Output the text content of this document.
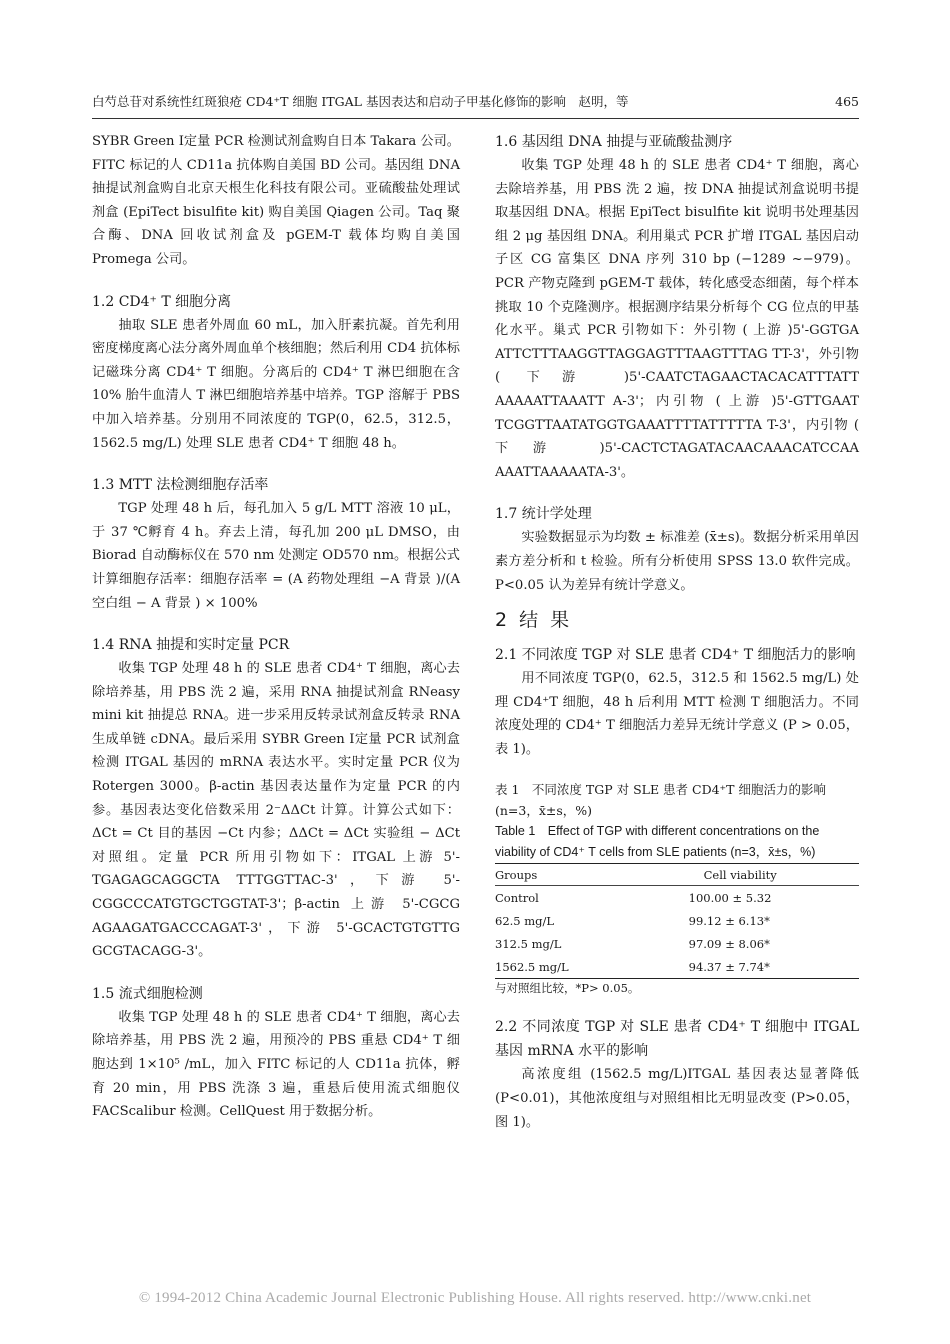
白芍总苷对系统性红斑狼疮 CD4⁺T 细胞 ITGAL 基因表达和启动子甲基化修饰的影响　赵明，等	465

SYBR Green Ⅰ定量 PCR 检测试剂盒购自日本 Takara 公司。FITC 标记的人 CD11a 抗体购自美国 BD 公司。基因组 DNA 抽提试剂盒购自北京天根生化科技有限公司。亚硫酸盐处理试剂盒 (EpiTect bisulfite kit) 购自美国 Qiagen 公司。Taq 聚合酶、DNA 回收试剂盒及 pGEM-T 载体均购自美国 Promega 公司。

1.2 CD4⁺ T 细胞分离

抽取 SLE 患者外周血 60 mL，加入肝素抗凝。首先利用密度梯度离心法分离外周血单个核细胞；然后利用 CD4 抗体标记磁珠分离 CD4⁺ T 细胞。分离后的 CD4⁺ T 淋巴细胞在含 10% 胎牛血清人 T 淋巴细胞培养基中培养。TGP 溶解于 PBS 中加入培养基。分别用不同浓度的 TGP(0，62.5，312.5，1562.5 mg/L) 处理 SLE 患者 CD4⁺ T 细胞 48 h。

1.3 MTT 法检测细胞存活率

TGP 处理 48 h 后，每孔加入 5 g/L MTT 溶液 10 μL，于 37 ℃孵育 4 h。弃去上清，每孔加 200 μL DMSO，由 Biorad 自动酶标仪在 570 nm 处测定 OD570 nm。根据公式计算细胞存活率：细胞存活率 = (A 药物处理组 −A 背景 )/(A 空白组 − A 背景 ) × 100%

1.4 RNA 抽提和实时定量 PCR

收集 TGP 处理 48 h 的 SLE 患者 CD4⁺ T 细胞，离心去除培养基，用 PBS 洗 2 遍，采用 RNA 抽提试剂盒 RNeasy mini kit 抽提总 RNA。进一步采用反转录试剂盒反转录 RNA 生成单链 cDNA。最后采用 SYBR Green Ⅰ定量 PCR 试剂盒检测 ITGAL 基因的 mRNA 表达水平。实时定量 PCR 仪为 Rotergen 3000。β-actin 基因表达量作为定量 PCR 的内参。基因表达变化倍数采用 2⁻ΔΔCt 计算。计算公式如下：ΔCt = Ct 目的基因 −Ct 内参；ΔΔCt = ΔCt 实验组 − ΔCt 对照组。定量 PCR 所用引物如下：ITGAL 上游 5'-TGAGAGCAGGCTA TTTGGTTAC-3'，下游 5'-CGGCCCATGTGCTGGTAT-3'；β-actin 上游 5'-CGCG AGAAGATGACCCAGAT-3'，下游 5'-GCACTGTGTTG GCGTACAGG-3'。

1.5 流式细胞检测

收集 TGP 处理 48 h 的 SLE 患者 CD4⁺ T 细胞，离心去除培养基，用 PBS 洗 2 遍，用预冷的 PBS 重悬 CD4⁺ T 细胞达到 1×10⁵ /mL，加入 FITC 标记的人 CD11a 抗体，孵育 20 min，用 PBS 洗涤 3 遍，重悬后使用流式细胞仪 FACScalibur 检测。CellQuest 用于数据分析。

1.6 基因组 DNA 抽提与亚硫酸盐测序

收集 TGP 处理 48 h 的 SLE 患者 CD4⁺ T 细胞，离心去除培养基，用 PBS 洗 2 遍，按 DNA 抽提试剂盒说明书提取基因组 DNA。根据 EpiTect bisulfite kit 说明书处理基因组 2 μg 基因组 DNA。利用巢式 PCR 扩增 ITGAL 基因启动子区 CG 富集区 DNA 序列 310 bp (−1289 ~−979)。PCR 产物克隆到 pGEM-T 载体，转化感受态细菌，每个样本挑取 10 个克隆测序。根据测序结果分析每个 CG 位点的甲基化水平。巢式 PCR 引物如下：外引物 ( 上游 )5'-GGTGA ATTCTTTAAGGTTAGGAGTTTAAGTTTAG TT-3'，外引物 ( 下游 )5'-CAATCTAGAACTACACATTTATT AAAAATTAAATT A-3'；内引物 ( 上游 )5'-GTTGAAT TCGGTTAATATGGTGAAATTTTATTTTTA T-3'，内引物 ( 下游 )5'-CACTCTAGATACAACAAACATCCAA AAATTAAAAATA-3'。

1.7 统计学处理

实验数据显示为均数 ± 标准差 (x̄±s)。数据分析采用单因素方差分析和 t 检验。所有分析使用 SPSS 13.0 软件完成。P<0.05 认为差异有统计学意义。

2 结 果

2.1 不同浓度 TGP 对 SLE 患者 CD4⁺ T 细胞活力的影响

用不同浓度 TGP(0，62.5，312.5 和 1562.5 mg/L) 处理 CD4⁺T 细胞，48 h 后利用 MTT 检测 T 细胞活力。不同浓度处理的 CD4⁺ T 细胞活力差异无统计学意义 (P > 0.05，表 1)。

表 1　不同浓度 TGP 对 SLE 患者 CD4⁺T 细胞活力的影响 (n=3，x̄±s，%)
Table 1　Effect of TGP with different concentrations on the viability of CD4⁺ T cells from SLE patients (n=3，x̄±s，%)
Groups	Cell viability
Control	100.00 ± 5.32
62.5 mg/L	99.12 ± 6.13*
312.5 mg/L	97.09 ± 8.06*
1562.5 mg/L	94.37 ± 7.74*
与对照组比较，*P> 0.05。

2.2 不同浓度 TGP 对 SLE 患者 CD4⁺ T 细胞中 ITGAL 基因 mRNA 水平的影响

高浓度组 (1562.5 mg/L)ITGAL 基因表达显著降低 (P<0.01)，其他浓度组与对照组相比无明显改变 (P>0.05，图 1)。

© 1994-2012 China Academic Journal Electronic Publishing House. All rights reserved. http://www.cnki.net
